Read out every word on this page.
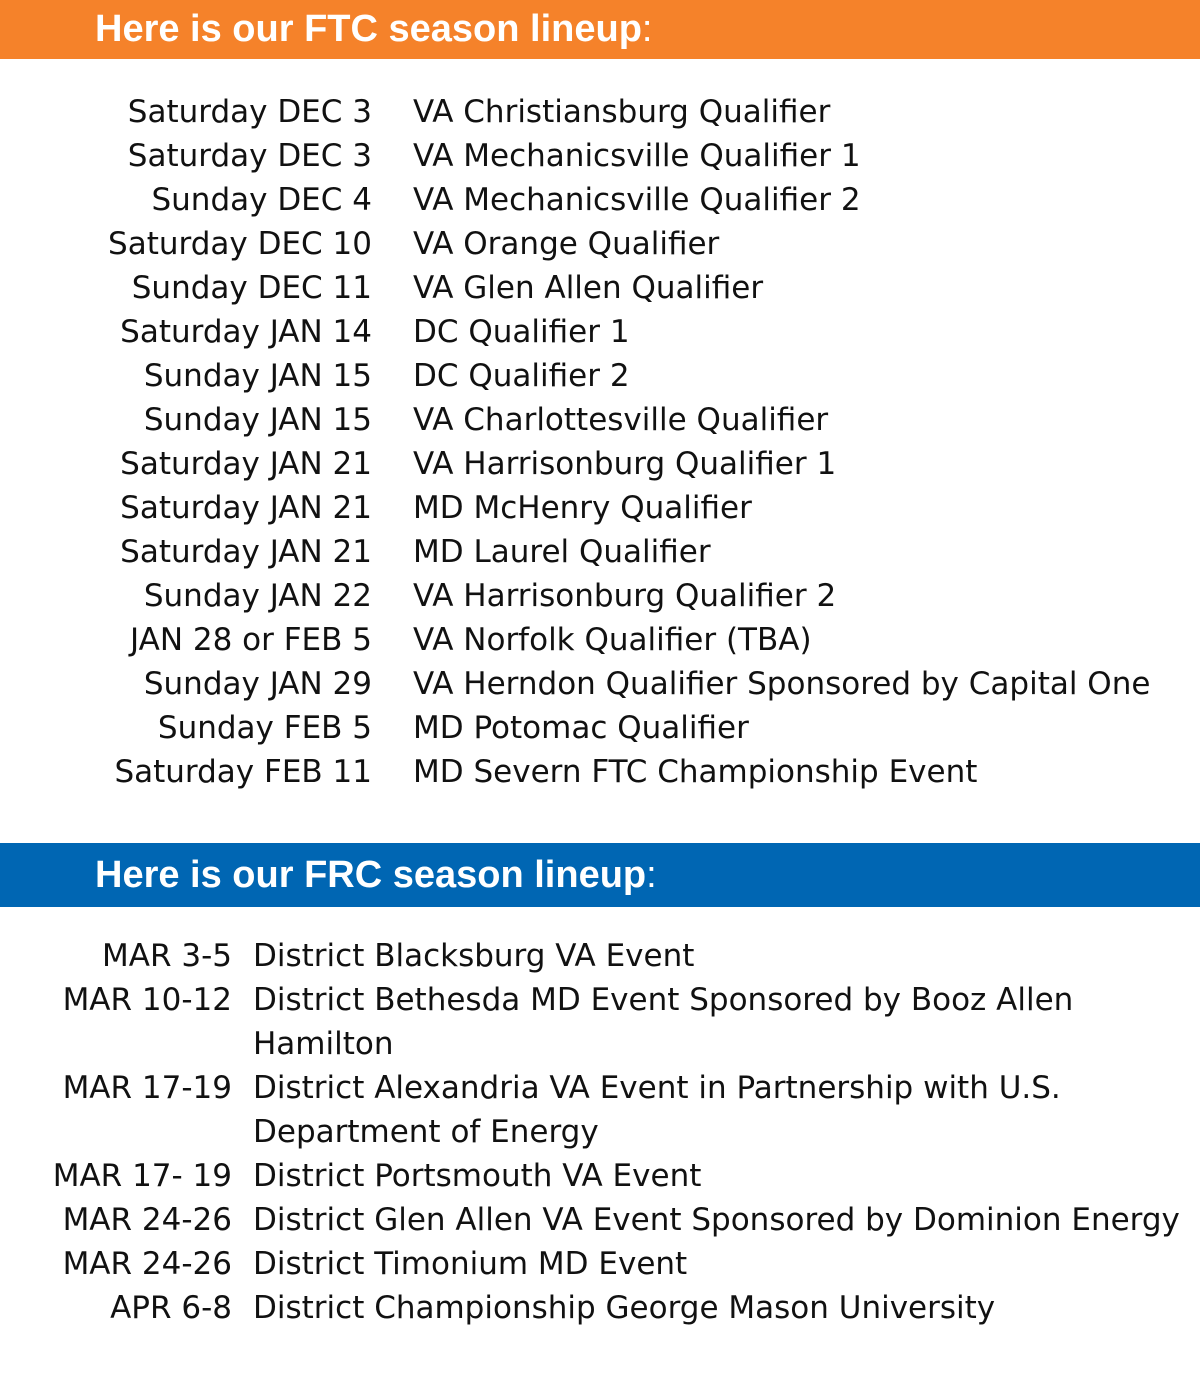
Here is our FTC season lineup :
Saturday DEC 3 VA Christiansburg Qualifier
Saturday DEC 3 VA Mechanicsville Qualifier 1
Sunday DEC 4 VA Mechanicsville Qualifier 2
Saturday DEC 10 VA Orange Qualifier
Sunday DEC 11 VA Glen Allen Qualifier
Saturday JAN 14 DC Qualifier 1
Sunday JAN 15 DC Qualifier 2
Sunday JAN 15 VA Charlottesville Qualifier
Saturday JAN 21 VA Harrisonburg Qualifier 1
Saturday JAN 21 MD McHenry Qualifier
Saturday JAN 21 MD Laurel Qualifier
Sunday JAN 22 VA Harrisonburg Qualifier 2
JAN 28 or FEB 5 VA Norfolk Qualifier (TBA)
Sunday JAN 29 VA Herndon Qualifier Sponsored by Capital One
Sunday FEB 5 MD Potomac Qualifier
Saturday FEB 11 MD Severn FTC Championship Event
Here is our FRC season lineup :
MAR 3-5 District Blacksburg VA Event
MAR 10-12 District Bethesda MD Event Sponsored by Booz Allen Hamilton
MAR 17-19 District Alexandria VA Event in Partnership with U.S. Department of Energy
MAR 17- 19 District Portsmouth VA Event
MAR 24-26 District Glen Allen VA Event Sponsored by Dominion Energy
MAR 24-26 District Timonium MD Event
APR 6-8 District Championship George Mason University
